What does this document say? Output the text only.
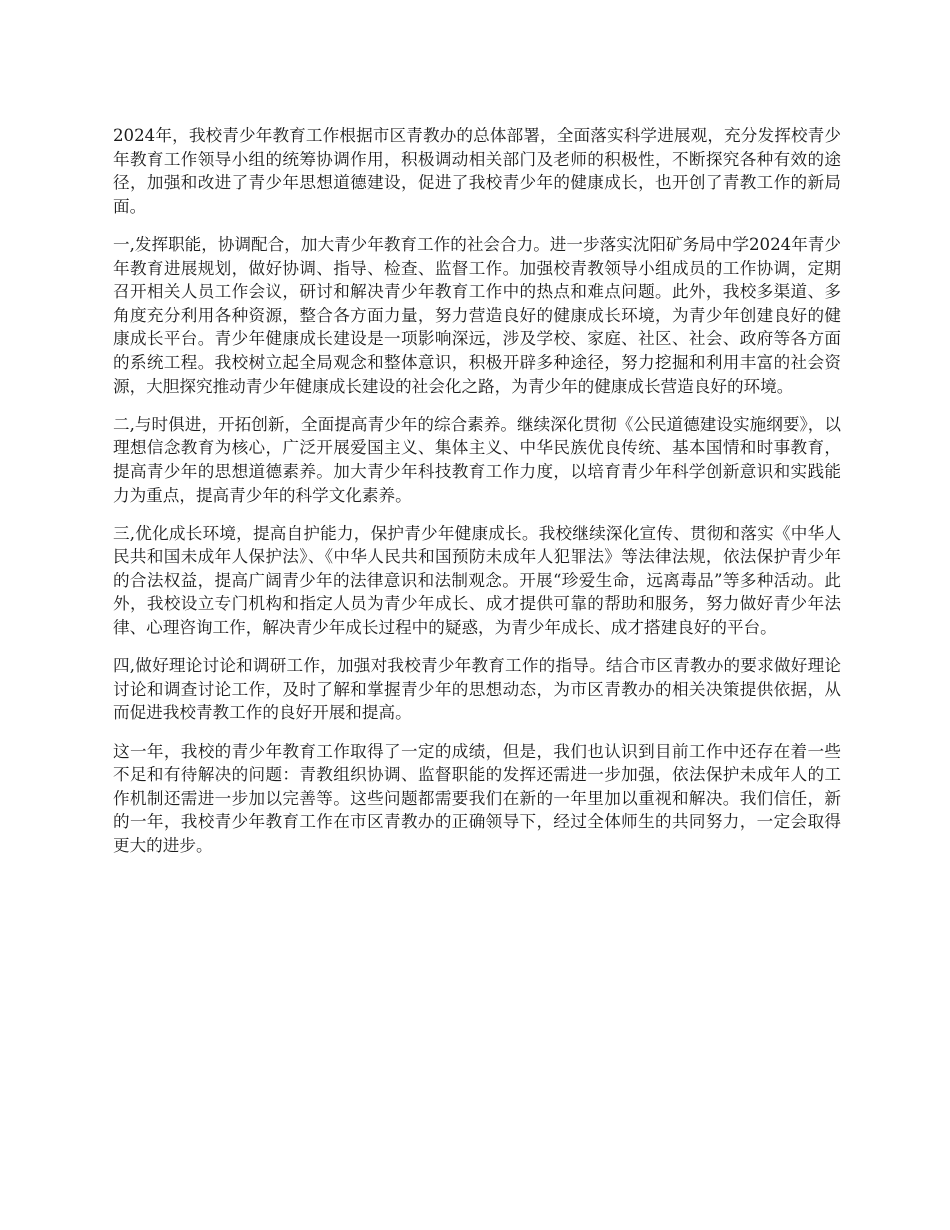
2024年，我校青少年教育工作根据市区青教办的总体部署，全面落实科学进展观，充分发挥校青少年教育工作领导小组的统筹协调作用，积极调动相关部门及老师的积极性，不断探究各种有效的途径，加强和改进了青少年思想道德建设，促进了我校青少年的健康成长，也开创了青教工作的新局面。

一,发挥职能，协调配合，加大青少年教育工作的社会合力。进一步落实沈阳矿务局中学2024年青少年教育进展规划，做好协调、指导、检查、监督工作。加强校青教领导小组成员的工作协调，定期召开相关人员工作会议，研讨和解决青少年教育工作中的热点和难点问题。此外，我校多渠道、多角度充分利用各种资源，整合各方面力量，努力营造良好的健康成长环境，为青少年创建良好的健康成长平台。青少年健康成长建设是一项影响深远，涉及学校、家庭、社区、社会、政府等各方面的系统工程。我校树立起全局观念和整体意识，积极开辟多种途径，努力挖掘和利用丰富的社会资源，大胆探究推动青少年健康成长建设的社会化之路，为青少年的健康成长营造良好的环境。

二,与时俱进，开拓创新，全面提高青少年的综合素养。继续深化贯彻《公民道德建设实施纲要》，以理想信念教育为核心，广泛开展爱国主义、集体主义、中华民族优良传统、基本国情和时事教育，提高青少年的思想道德素养。加大青少年科技教育工作力度，以培育青少年科学创新意识和实践能力为重点，提高青少年的科学文化素养。

三,优化成长环境，提高自护能力，保护青少年健康成长。我校继续深化宣传、贯彻和落实《中华人民共和国未成年人保护法》、《中华人民共和国预防未成年人犯罪法》等法律法规，依法保护青少年的合法权益，提高广阔青少年的法律意识和法制观念。开展“珍爱生命，远离毒品”等多种活动。此外，我校设立专门机构和指定人员为青少年成长、成才提供可靠的帮助和服务，努力做好青少年法律、心理咨询工作，解决青少年成长过程中的疑惑，为青少年成长、成才搭建良好的平台。

四,做好理论讨论和调研工作，加强对我校青少年教育工作的指导。结合市区青教办的要求做好理论讨论和调查讨论工作，及时了解和掌握青少年的思想动态，为市区青教办的相关决策提供依据，从而促进我校青教工作的良好开展和提高。

这一年，我校的青少年教育工作取得了一定的成绩，但是，我们也认识到目前工作中还存在着一些不足和有待解决的问题：青教组织协调、监督职能的发挥还需进一步加强，依法保护未成年人的工作机制还需进一步加以完善等。这些问题都需要我们在新的一年里加以重视和解决。我们信任，新的一年，我校青少年教育工作在市区青教办的正确领导下，经过全体师生的共同努力，一定会取得更大的进步。
